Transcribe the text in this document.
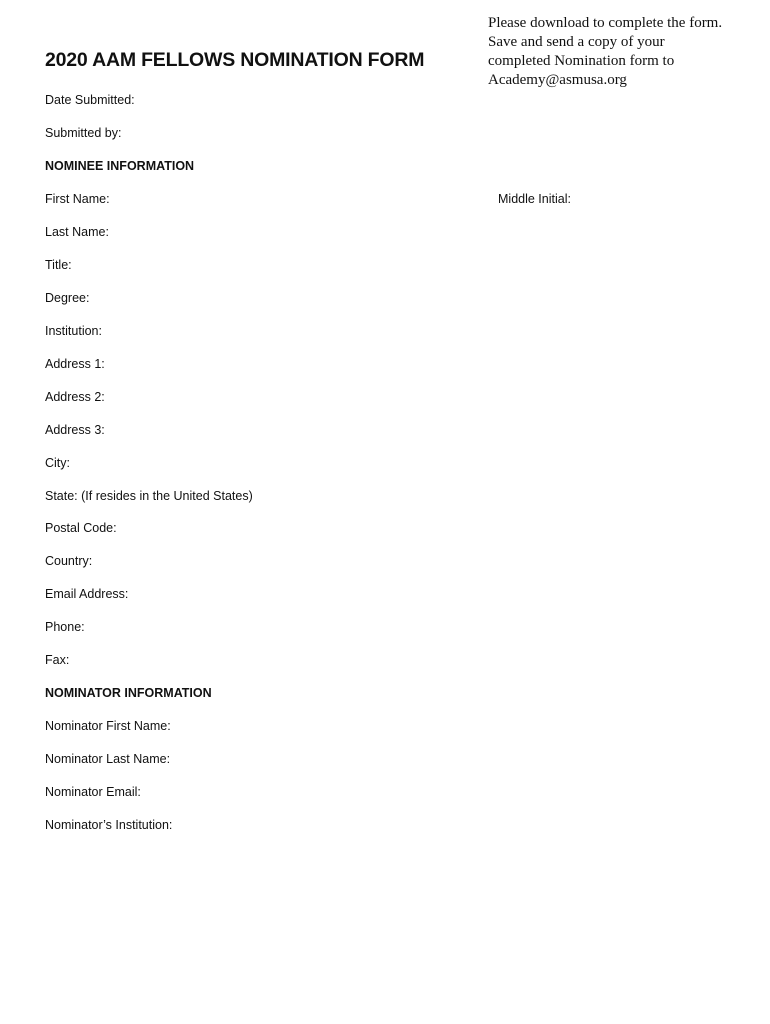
Please download to complete the form.
Save and send a copy of your
completed Nomination form to
Academy@asmusa.org
2020 AAM FELLOWS NOMINATION FORM
Date Submitted:
Submitted by:
NOMINEE INFORMATION
First Name:	Middle Initial:
Last Name:
Title:
Degree:
Institution:
Address 1:
Address 2:
Address 3:
City:
State: (If resides in the United States)
Postal Code:
Country:
Email Address:
Phone:
Fax:
NOMINATOR INFORMATION
Nominator First Name:
Nominator Last Name:
Nominator Email:
Nominator’s Institution:
